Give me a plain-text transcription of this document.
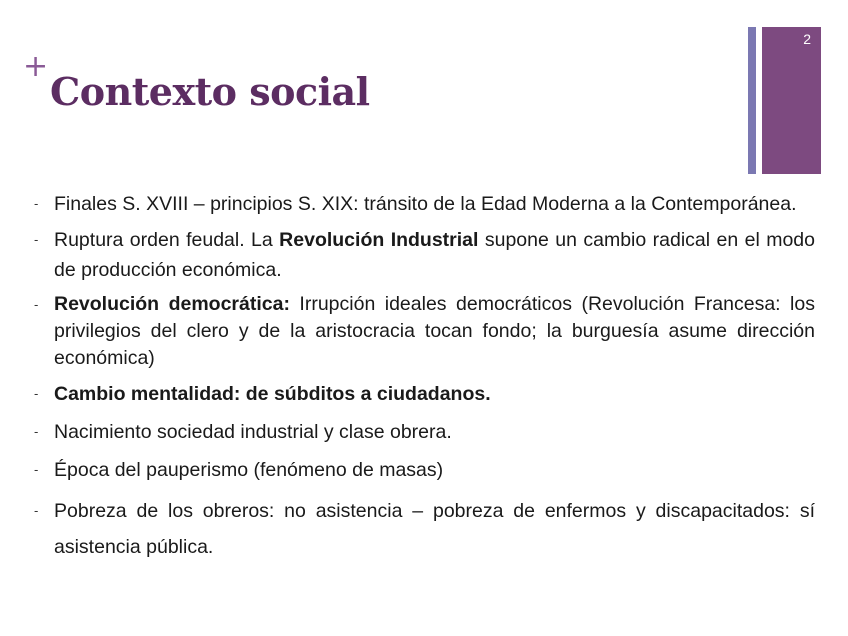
+
Contexto social
2
- Finales S. XVIII – principios S. XIX: tránsito de la Edad Moderna a la Contemporánea.
- Ruptura orden feudal. La Revolución Industrial supone un cambio radical en el modo de producción económica.
- Revolución democrática: Irrupción ideales democráticos (Revolución Francesa: los privilegios del clero y de la aristocracia tocan fondo; la burguesía asume dirección económica)
- Cambio mentalidad: de súbditos a ciudadanos.
- Nacimiento sociedad industrial y clase obrera.
- Época del pauperismo (fenómeno de masas)
- Pobreza de los obreros: no asistencia – pobreza de enfermos y discapacitados: sí asistencia pública.
